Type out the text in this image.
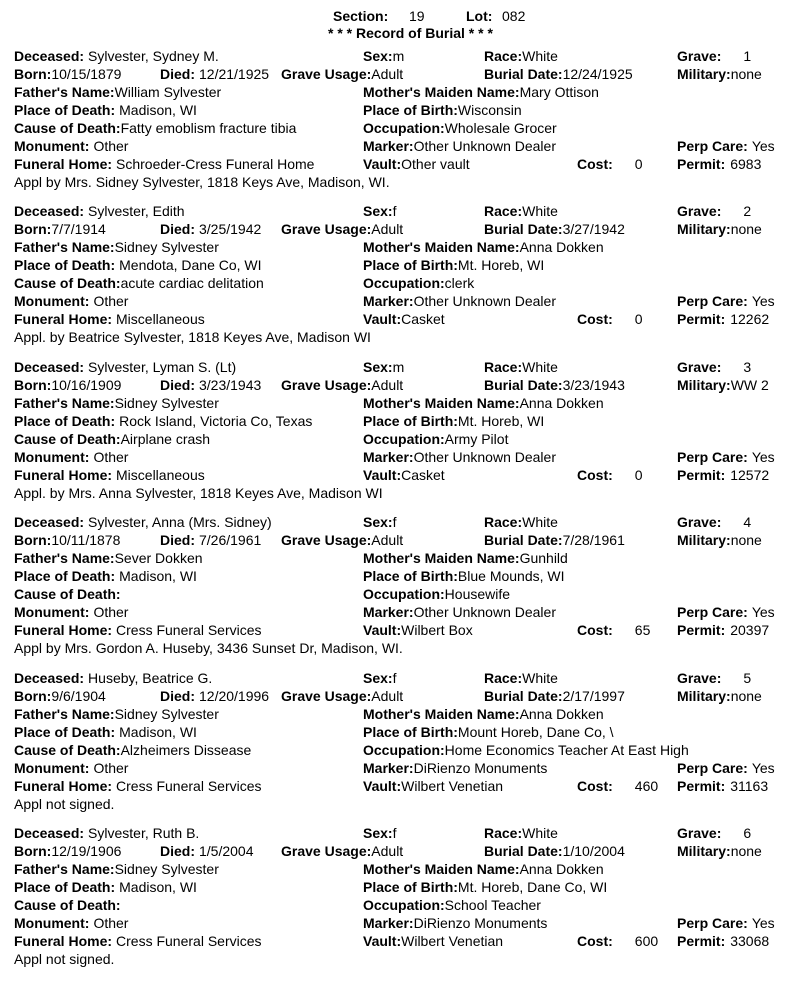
Section: 19	Lot: 082
* * * Record of Burial * * *
Deceased: Sylvester, Sydney M.	Sex:m	Race:White	Grave: 1
Born:10/15/1879	Died: 12/21/1925 Grave Usage:Adult	Burial Date:12/24/1925	Military:none
Father's Name:William Sylvester	Mother's Maiden Name:Mary Ottison
Place of Death: Madison, WI	Place of Birth:Wisconsin
Cause of Death:Fatty emoblism fracture tibia	Occupation:Wholesale Grocer
Monument: Other	Marker:Other Unknown Dealer	Perp Care: Yes
Funeral Home: Schroeder-Cress Funeral Home	Vault:Other vault	Cost: 0	Permit: 6983
Appl by Mrs. Sidney Sylvester, 1818 Keys Ave, Madison, WI.
Deceased: Sylvester, Edith	Sex:f	Race:White	Grave: 2
Born:7/7/1914	Died: 3/25/1942	Grave Usage:Adult	Burial Date:3/27/1942	Military:none
Father's Name:Sidney Sylvester	Mother's Maiden Name:Anna Dokken
Place of Death: Mendota, Dane Co, WI	Place of Birth:Mt. Horeb, WI
Cause of Death:acute cardiac delitation	Occupation:clerk
Monument: Other	Marker:Other Unknown Dealer	Perp Care: Yes
Funeral Home: Miscellaneous	Vault:Casket	Cost: 0	Permit: 12262
Appl. by Beatrice Sylvester, 1818 Keyes Ave, Madison WI
Deceased: Sylvester, Lyman S. (Lt)	Sex:m	Race:White	Grave: 3
Born:10/16/1909	Died: 3/23/1943	Grave Usage:Adult	Burial Date:3/23/1943	Military:WW 2
Father's Name:Sidney Sylvester	Mother's Maiden Name:Anna Dokken
Place of Death: Rock Island, Victoria Co, Texas	Place of Birth:Mt. Horeb, WI
Cause of Death:Airplane crash	Occupation:Army Pilot
Monument: Other	Marker:Other Unknown Dealer	Perp Care: Yes
Funeral Home: Miscellaneous	Vault:Casket	Cost: 0	Permit: 12572
Appl. by Mrs. Anna Sylvester, 1818 Keyes Ave, Madison WI
Deceased: Sylvester, Anna (Mrs. Sidney)	Sex:f	Race:White	Grave: 4
Born:10/11/1878	Died: 7/26/1961	Grave Usage:Adult	Burial Date:7/28/1961	Military:none
Father's Name:Sever Dokken	Mother's Maiden Name:Gunhild
Place of Death: Madison, WI	Place of Birth:Blue Mounds, WI
Cause of Death:	Occupation:Housewife
Monument: Other	Marker:Other Unknown Dealer	Perp Care: Yes
Funeral Home: Cress Funeral Services	Vault:Wilbert Box	Cost: 65	Permit: 20397
Appl by Mrs. Gordon A. Huseby, 3436 Sunset Dr, Madison, WI.
Deceased: Huseby, Beatrice G.	Sex:f	Race:White	Grave: 5
Born:9/6/1904	Died: 12/20/1996 Grave Usage:Adult	Burial Date:2/17/1997	Military:none
Father's Name:Sidney Sylvester	Mother's Maiden Name:Anna Dokken
Place of Death: Madison, WI	Place of Birth:Mount Horeb, Dane Co, \
Cause of Death:Alzheimers Dissease	Occupation:Home Economics Teacher At East High
Monument: Other	Marker:DiRienzo Monuments	Perp Care: Yes
Funeral Home: Cress Funeral Services	Vault:Wilbert Venetian	Cost: 460	Permit: 31163
Appl not signed.
Deceased: Sylvester, Ruth B.	Sex:f	Race:White	Grave: 6
Born:12/19/1906	Died: 1/5/2004	Grave Usage:Adult	Burial Date:1/10/2004	Military:none
Father's Name:Sidney Sylvester	Mother's Maiden Name:Anna Dokken
Place of Death: Madison, WI	Place of Birth:Mt. Horeb, Dane Co, WI
Cause of Death:	Occupation:School Teacher
Monument: Other	Marker:DiRienzo Monuments	Perp Care: Yes
Funeral Home: Cress Funeral Services	Vault:Wilbert Venetian	Cost: 600	Permit: 33068
Appl not signed.
